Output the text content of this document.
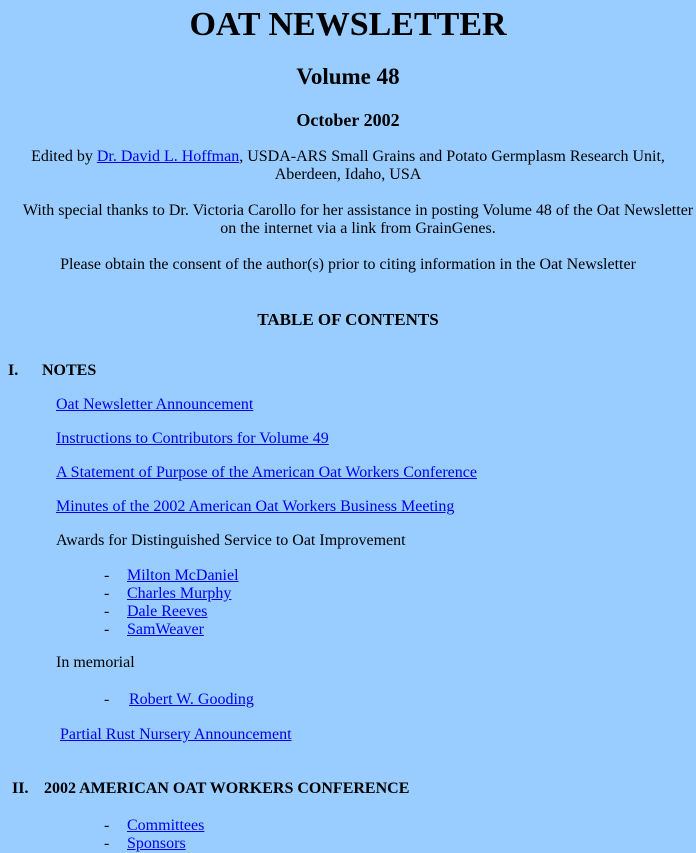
OAT NEWSLETTER
Volume 48
October 2002
Edited by Dr. David L. Hoffman, USDA-ARS Small Grains and Potato Germplasm Research Unit,
Aberdeen, Idaho, USA
With special thanks to Dr. Victoria Carollo for her assistance in posting Volume 48 of the Oat Newsletter
on the internet via a link from GrainGenes.
Please obtain the consent of the author(s) prior to citing information in the Oat Newsletter
TABLE OF CONTENTS
I. NOTES
Oat Newsletter Announcement
Instructions to Contributors for Volume 49
A Statement of Purpose of the American Oat Workers Conference
Minutes of the 2002 American Oat Workers Business Meeting
Awards for Distinguished Service to Oat Improvement
- Milton McDaniel
- Charles Murphy
- Dale Reeves
- SamWeaver
In memorial
- Robert W. Gooding
Partial Rust Nursery Announcement
II. 2002 AMERICAN OAT WORKERS CONFERENCE
- Committees
- Sponsors
